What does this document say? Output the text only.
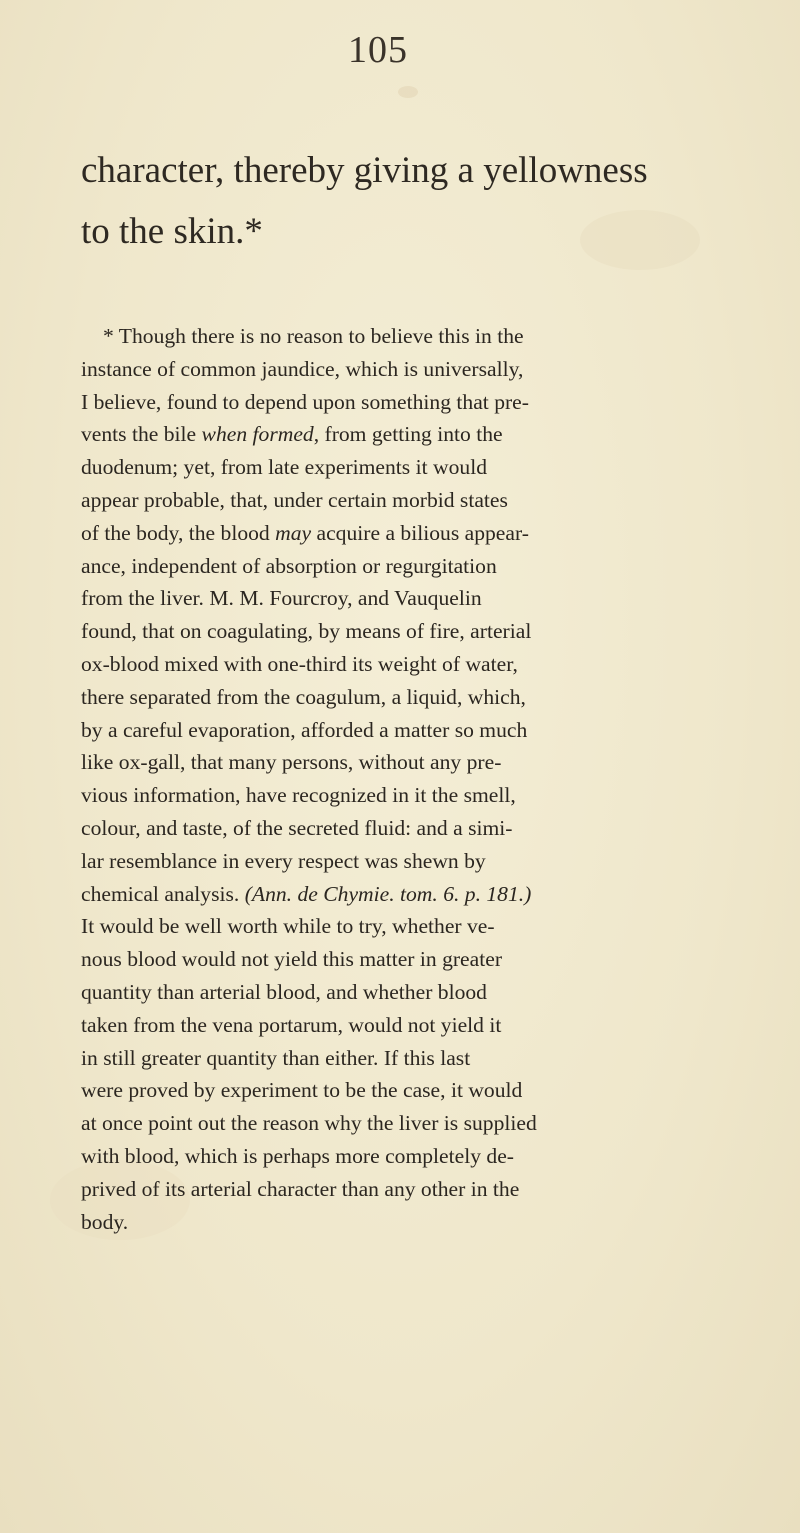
105
character, thereby giving a yellowness
to the skin.*
* Though there is no reason to believe this in the
instance of common jaundice, which is universally,
I believe, found to depend upon something that pre-
vents the bile when formed, from getting into the
duodenum; yet, from late experiments it would
appear probable, that, under certain morbid states
of the body, the blood may acquire a bilious appear-
ance, independent of absorption or regurgitation
from the liver. M. M. Fourcroy, and Vauquelin
found, that on coagulating, by means of fire, arterial
ox-blood mixed with one-third its weight of water,
there separated from the coagulum, a liquid, which,
by a careful evaporation, afforded a matter so much
like ox-gall, that many persons, without any pre-
vious information, have recognized in it the smell,
colour, and taste, of the secreted fluid: and a simi-
lar resemblance in every respect was shewn by
chemical analysis. (Ann. de Chymie. tom. 6. p. 181.)
It would be well worth while to try, whether ve-
nous blood would not yield this matter in greater
quantity than arterial blood, and whether blood
taken from the vena portarum, would not yield it
in still greater quantity than either. If this last
were proved by experiment to be the case, it would
at once point out the reason why the liver is supplied
with blood, which is perhaps more completely de-
prived of its arterial character than any other in the
body.
